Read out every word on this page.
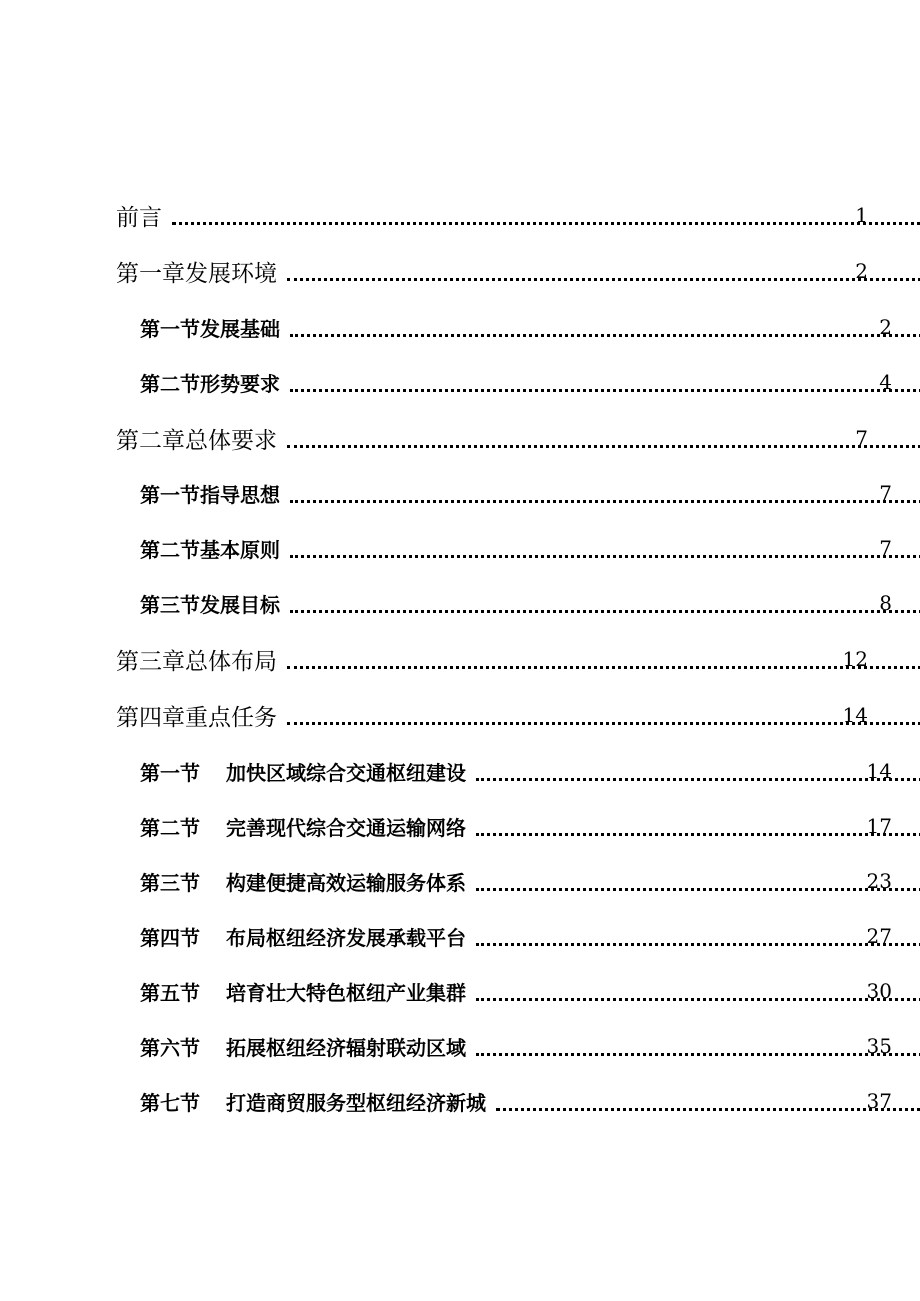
前言	1
第一章发展环境	2
第一节发展基础	2
第二节形势要求	4
第二章总体要求	7
第一节指导思想	7
第二节基本原则	7
第三节发展目标	8
第三章总体布局	12
第四章重点任务	14
第一节 加快区域综合交通枢纽建设	14
第二节 完善现代综合交通运输网络	17
第三节 构建便捷高效运输服务体系	23
第四节 布局枢纽经济发展承载平台	27
第五节 培育壮大特色枢纽产业集群	30
第六节 拓展枢纽经济辐射联动区域	35
第七节 打造商贸服务型枢纽经济新城	37
